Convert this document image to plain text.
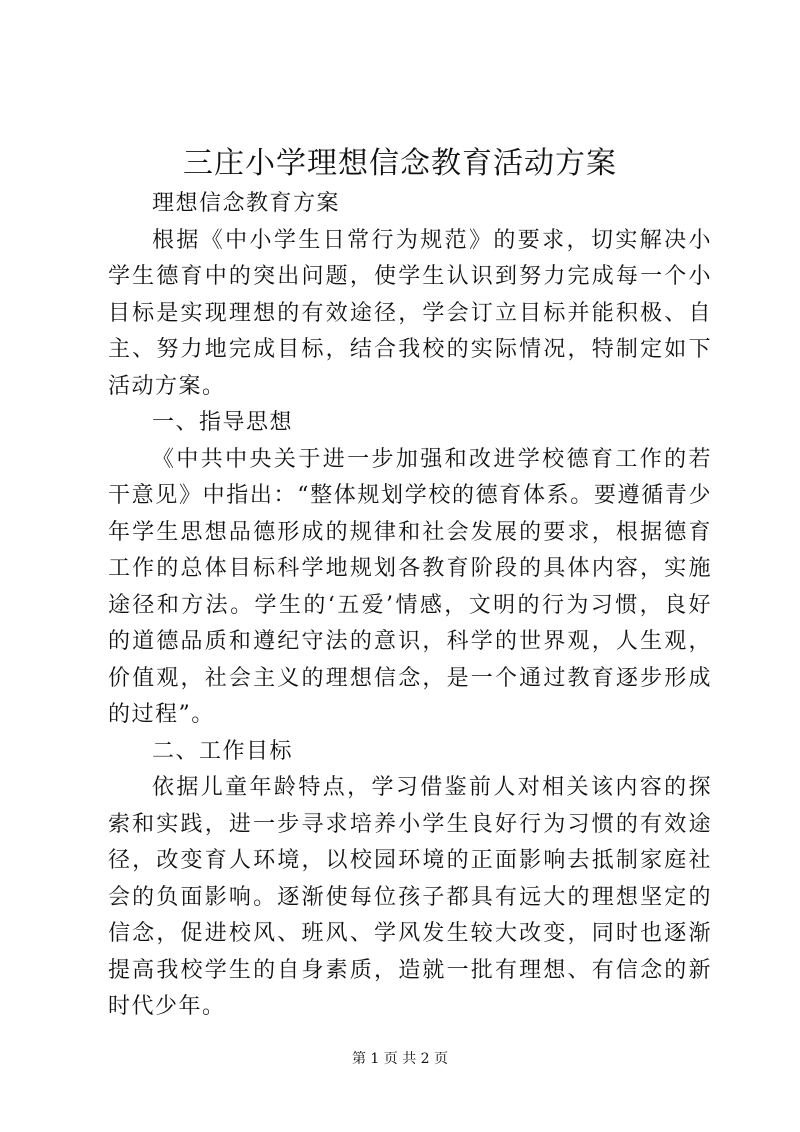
三庄小学理想信念教育活动方案

理想信念教育方案

根据《中小学生日常行为规范》的要求，切实解决小学生德育中的突出问题，使学生认识到努力完成每一个小目标是实现理想的有效途径，学会订立目标并能积极、自主、努力地完成目标，结合我校的实际情况，特制定如下活动方案。

一、指导思想

《中共中央关于进一步加强和改进学校德育工作的若干意见》中指出：“整体规划学校的德育体系。要遵循青少年学生思想品德形成的规律和社会发展的要求，根据德育工作的总体目标科学地规划各教育阶段的具体内容，实施途径和方法。学生的‘五爱’情感，文明的行为习惯，良好的道德品质和遵纪守法的意识，科学的世界观，人生观，价值观，社会主义的理想信念，是一个通过教育逐步形成的过程”。

二、工作目标

依据儿童年龄特点，学习借鉴前人对相关该内容的探索和实践，进一步寻求培养小学生良好行为习惯的有效途径，改变育人环境，以校园环境的正面影响去抵制家庭社会的负面影响。逐渐使每位孩子都具有远大的理想坚定的信念，促进校风、班风、学风发生较大改变，同时也逐渐提高我校学生的自身素质，造就一批有理想、有信念的新时代少年。

第 1 页 共 2 页
